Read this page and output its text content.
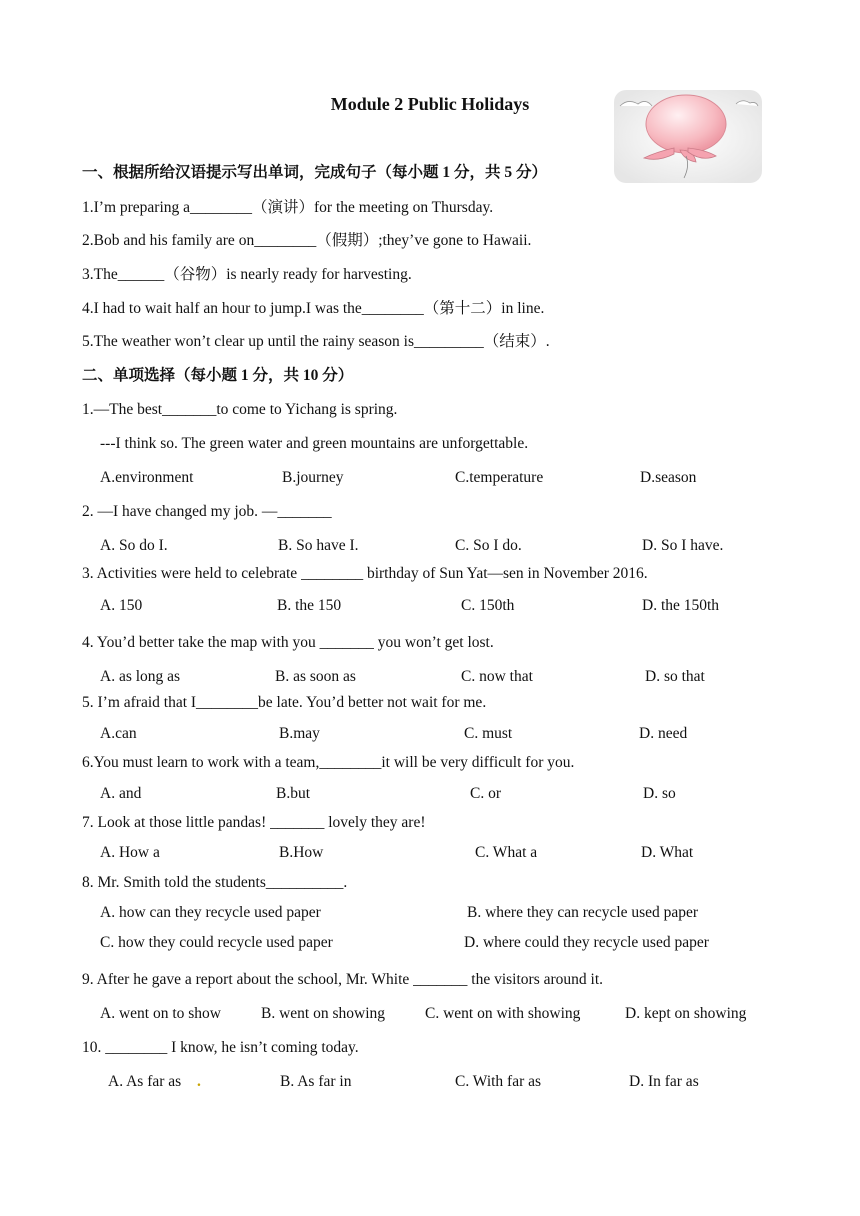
Module 2 Public Holidays
一、根据所给汉语提示写出单词，完成句子（每小题 1 分，共 5 分）
1.I’m preparing a________（演讲）for the meeting on Thursday.
2.Bob and his family are on________（假期）;they’ve gone to Hawaii.
3.The______（谷物）is nearly ready for harvesting.
4.I had to wait half an hour to jump.I was the________（第十二）in line.
5.The weather won’t clear up until the rainy season is_________（结束）.
二、单项选择（每小题 1 分，共 10 分）
1.—The best_______to come to Yichang is spring.
---I think so. The green water and green mountains are unforgettable.
A.environment	B.journey	C.temperature	D.season
2. —I have changed my job. —_______
A. So do I.	B. So have I.	C. So I do.	D. So I have.
3. Activities were held to celebrate ________ birthday of Sun Yat—sen in November 2016.
A. 150	B. the 150	C. 150th	D. the 150th
4. You’d better take the map with you _______ you won’t get lost.
A. as long as	B. as soon as	C. now that	D. so that
5. I’m afraid that I________be late. You’d better not wait for me.
A.can	B.may	C. must	D. need
6.You must learn to work with a team,________it will be very difficult for you.
A. and	B.but	C. or	D. so
7. Look at those little pandas! _______ lovely they are!
A. How a	B.How	C. What a	D. What
8. Mr. Smith told the students__________.
A. how can they recycle used paper	B. where they can recycle used paper
C. how they could recycle used paper	D. where could they recycle used paper
9. After he gave a report about the school, Mr. White _______ the visitors around it.
A. went on to show	B. went on showing	C. went on with showing	D. kept on showing
10. ________ I know, he isn’t coming today.
A. As far as .	B. As far in	C. With far as	D. In far as
